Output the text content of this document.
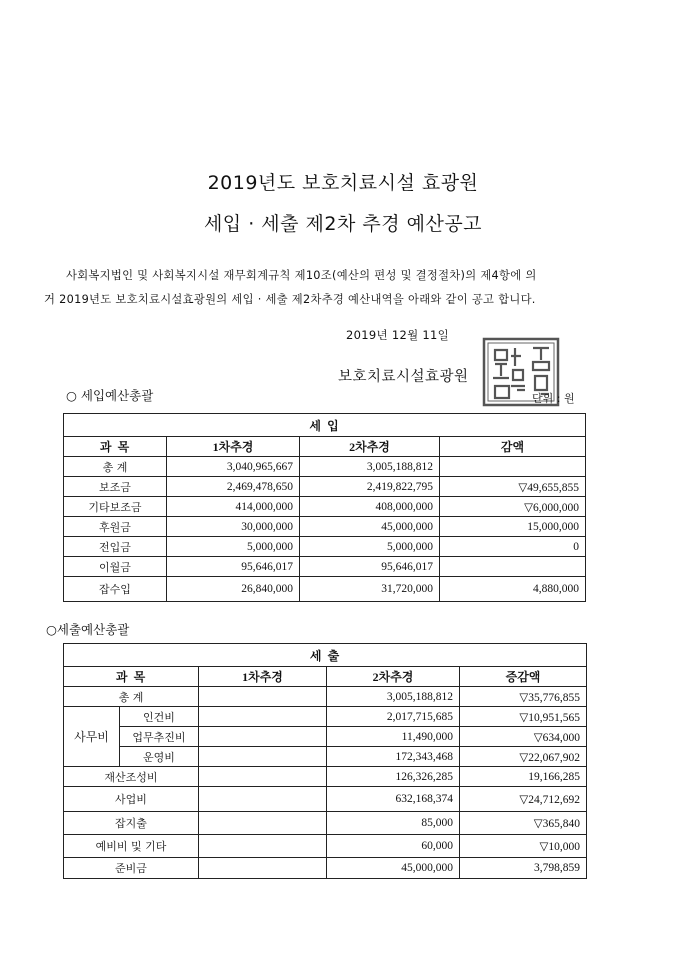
2019년도 보호치료시설 효광원
세입 · 세출 제2차 추경 예산공고
사회복지법인 및 사회복지시설 재무회계규칙 제10조(예산의 편성 및 결정절차)의 제4항에 의
거 2019년도 보호치료시설효광원의 세입 · 세출 제2차추경 예산내역을 아래와 같이 공고 합니다.
2019년 12월 11일
보호치료시설효광원
단위 : 원
○ 세입예산총괄
세 입			
과 목	1차추경	2차추경	감액
총 계	3,040,965,667	3,005,188,812	
보조금	2,469,478,650	2,419,822,795	▽49,655,855
기타보조금	414,000,000	408,000,000	▽6,000,000
후원금	30,000,000	45,000,000	15,000,000
전입금	5,000,000	5,000,000	0
이월금	95,646,017	95,646,017	
잡수입	26,840,000	31,720,000	4,880,000
○세출예산총괄
세 출				
과 목		1차추경	2차추경	증감액
총 계			3,005,188,812	▽35,776,855
사무비	인건비		2,017,715,685	▽10,951,565
	업무추진비		11,490,000	▽634,000
	운영비		172,343,468	▽22,067,902
재산조성비			126,326,285	19,166,285
사업비			632,168,374	▽24,712,692
잡지출			85,000	▽365,840
예비비 및 기타			60,000	▽10,000
준비금			45,000,000	3,798,859
